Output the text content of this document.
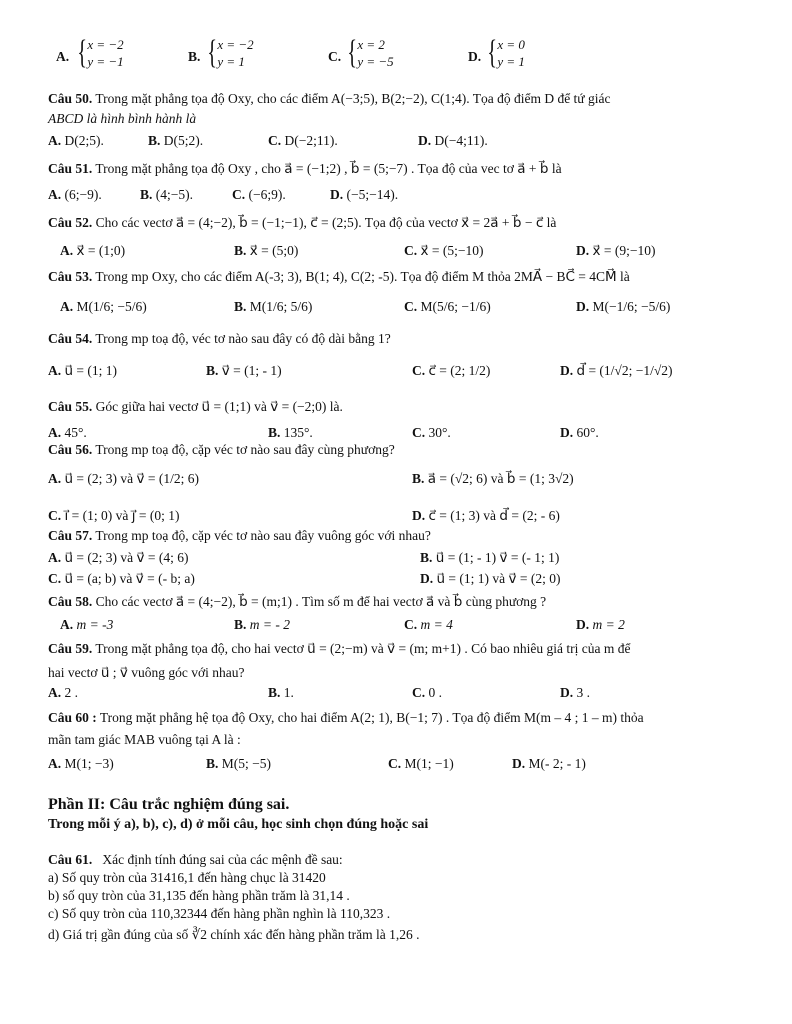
A. { x = −2
y = −1	B. { x = −2
y = 1	C. { x = 2
y = −5	D. { x = 0
y = 1
Câu 50. Trong mặt phẳng tọa độ Oxy, cho các điểm A(−3;5), B(2;−2), C(1;4). Tọa độ điểm D để tứ giác
ABCD là hình bình hành là
A. D(2;5).	B. D(5;2).	C. D(−2;11).	D. D(−4;11).
Câu 51. Trong mặt phẳng tọa độ Oxy , cho a⃗ = (−1;2) , b⃗ = (5;−7) . Tọa độ của vec tơ a⃗ + b⃗ là
A. (6;−9).	B. (4;−5).	C. (−6;9).	D. (−5;−14).
Câu 52. Cho các vectơ a⃗ = (4;−2), b⃗ = (−1;−1), c⃗ = (2;5). Tọa độ của vectơ x⃗ = 2a⃗ + b⃗ − c⃗ là
A. x⃗ = (1;0)	B. x⃗ = (5;0)	C. x⃗ = (5;−10)	D. x⃗ = (9;−10)
Câu 53. Trong mp Oxy, cho các điểm A(-3; 3), B(1; 4), C(2; -5). Tọa độ điểm M thỏa 2MA⃗ − BC⃗ = 4CM⃗ là
A. M(1/6; −5/6)	B. M(1/6; 5/6)	C. M(5/6; −1/6)	D. M(−1/6; −5/6)
Câu 54. Trong mp toạ độ, véc tơ nào sau đây có độ dài bằng 1?
A. u⃗ = (1; 1)	B. v⃗ = (1; - 1)	C. c⃗ = (2; 1/2)	D. d⃗ = (1/√2; −1/√2)
Câu 55. Góc giữa hai vectơ u⃗ = (1;1) và v⃗ = (−2;0) là.
A. 45°.	B. 135°.	C. 30°.	D. 60°.
Câu 56. Trong mp toạ độ, cặp véc tơ nào sau đây cùng phương?
A. u⃗ = (2; 3) và v⃗ = (1/2; 6)	B. a⃗ = (√2; 6) và b⃗ = (1; 3√2)
C. i⃗ = (1; 0) và j⃗ = (0; 1)	D. c⃗ = (1; 3) và d⃗ = (2; - 6)
Câu 57. Trong mp toạ độ, cặp véc tơ nào sau đây vuông góc với nhau?
A. u⃗ = (2; 3) và v⃗ = (4; 6)	B. u⃗ = (1; - 1) v⃗ = (- 1; 1)
C. u⃗ = (a; b) và v⃗ = (- b; a)	D. u⃗ = (1; 1) và v⃗ = (2; 0)
Câu 58. Cho các vectơ a⃗ = (4;−2), b⃗ = (m;1) . Tìm số m để hai vectơ a⃗ và b⃗ cùng phương ?
A. m = -3	B. m = - 2	C. m = 4	D. m = 2
Câu 59. Trong mặt phẳng tọa độ, cho hai vectơ u⃗ = (2;−m) và v⃗ = (m; m+1) . Có bao nhiêu giá trị của m để
hai vectơ u⃗ ; v⃗ vuông góc với nhau?
A. 2 .	B. 1.	C. 0 .	D. 3 .
Câu 60 : Trong mặt phẳng hệ tọa độ Oxy, cho hai điểm A(2; 1), B(−1; 7) . Tọa độ điểm M(m – 4 ; 1 – m) thỏa
mãn tam giác MAB vuông tại A là :
A. M(1; −3)	B. M(5; −5)	C. M(1; −1)	D. M(- 2; - 1)
Phần II: Câu trắc nghiệm đúng sai.
Trong mỗi ý a), b), c), d) ở mỗi câu, học sinh chọn đúng hoặc sai
Câu 61. Xác định tính đúng sai của các mệnh đề sau:
a) Số quy tròn của 31416,1 đến hàng chục là 31420
b) số quy tròn của 31,135 đến hàng phần trăm là 31,14 .
c) Số quy tròn của 110,32344 đến hàng phần nghìn là 110,323 .
d) Giá trị gần đúng của số ∛2 chính xác đến hàng phần trăm là 1,26 .
